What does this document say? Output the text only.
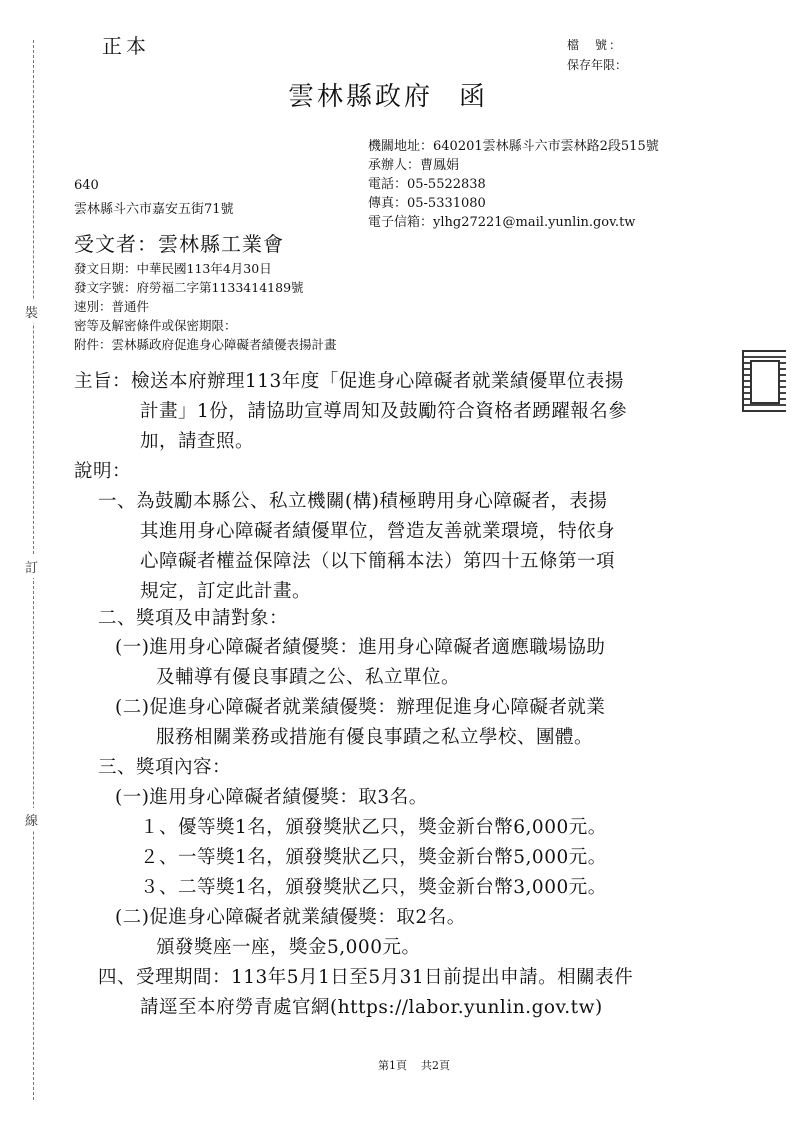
裝
訂
線
正本	檔　號：
保存年限：
雲林縣政府 函
機關地址：640201雲林縣斗六市雲林路2段515號
承辦人：曹鳳娟
電話：05-5522838
傳真：05-5331080
電子信箱：ylhg27221@mail.yunlin.gov.tw
640
雲林縣斗六市嘉安五街71號
受文者：雲林縣工業會
發文日期：中華民國113年4月30日
發文字號：府勞福二字第1133414189號
速別：普通件
密等及解密條件或保密期限：
附件：雲林縣政府促進身心障礙者績優表揚計畫
主旨：檢送本府辦理113年度「促進身心障礙者就業績優單位表揚
計畫」1份，請協助宣導周知及鼓勵符合資格者踴躍報名參
加，請查照。
說明：
一、為鼓勵本縣公、私立機關(構)積極聘用身心障礙者，表揚
其進用身心障礙者績優單位，營造友善就業環境，特依身
心障礙者權益保障法（以下簡稱本法）第四十五條第一項
規定，訂定此計畫。
二、獎項及申請對象：
(一)進用身心障礙者績優獎：進用身心障礙者適應職場協助
及輔導有優良事蹟之公、私立單位。
(二)促進身心障礙者就業績優獎：辦理促進身心障礙者就業
服務相關業務或措施有優良事蹟之私立學校、團體。
三、獎項內容：
(一)進用身心障礙者績優獎：取3名。
１、優等獎1名，頒發獎狀乙只，獎金新台幣6,000元。
２、一等獎1名，頒發獎狀乙只，獎金新台幣5,000元。
３、二等獎1名，頒發獎狀乙只，獎金新台幣3,000元。
(二)促進身心障礙者就業績優獎：取2名。
頒發獎座一座，獎金5,000元。
四、受理期間：113年5月1日至5月31日前提出申請。相關表件
請逕至本府勞青處官網(https://labor.yunlin.gov.tw)
第1頁 共2頁
